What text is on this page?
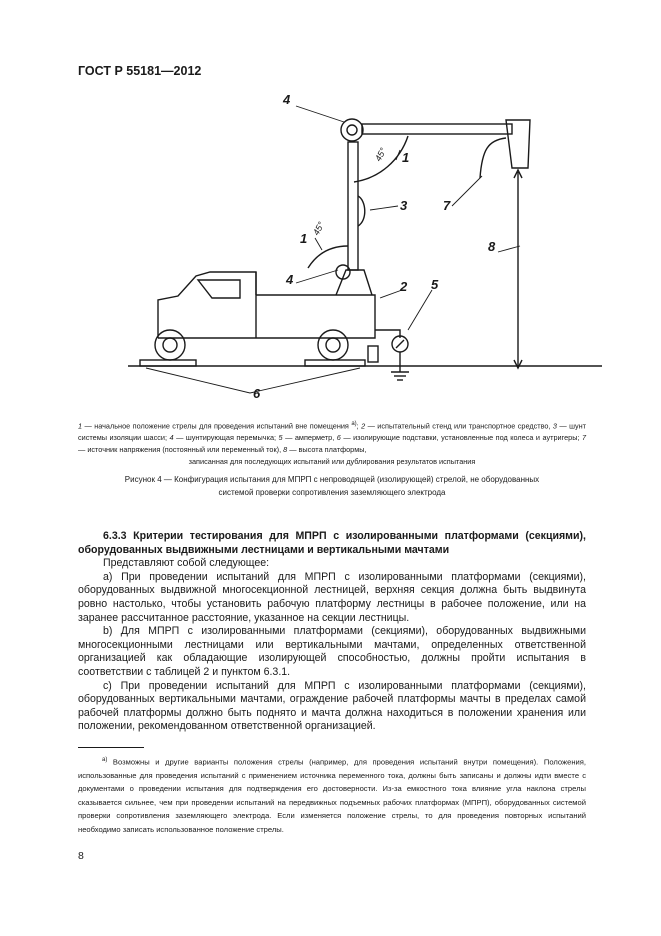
ГОСТ Р 55181—2012
4
4
1
1
3
2 5
7
8
6
45°
45°
1 — начальное положение стрелы для проведения испытаний вне помещения $^{а)}$; 2 — испытательный стенд или транспортное средство, 3 — шунт системы изоляции шасси; 4 — шунтирующая перемычка; 5 — амперметр, 6 — изолирующие подставки, установленные под колеса и аутригеры; 7 — источник напряжения (постоянный или переменный ток), 8 — высота платформы,
записанная для последующих испытаний или дублирования результатов испытания
Рисунок 4 — Конфигурация испытания для МПРП с непроводящей (изолирующей) стрелой, не оборудованных
системой проверки сопротивления заземляющего электрода

6.3.3 Критерии тестирования для МПРП с изолированными платформами (секциями), оборудованных выдвижными лестницами и вертикальными мачтами

Представляют собой следующее:

а) При проведении испытаний для МПРП с изолированными платформами (секциями), оборудованных выдвижной многосекционной лестницей, верхняя секция должна быть выдвинута ровно настолько, чтобы установить рабочую платформу лестницы в рабочее положение, или на заранее рассчитанное расстояние, указанное на секции лестницы.

b) Для МПРП с изолированными платформами (секциями), оборудованных выдвижными многосекционными лестницами или вертикальными мачтами, определенных ответственной организацией как обладающие изолирующей способностью, должны пройти испытания в соответствии с таблицей 2 и пунктом 6.3.1.

с) При проведении испытаний для МПРП с изолированными платформами (секциями), оборудованных вертикальными мачтами, ограждение рабочей платформы мачты в пределах самой рабочей платформы должно быть поднято и мачта должна находиться в положении хранения или положении, рекомендованном ответственной организацией.

$^{а)}$ Возможны и другие варианты положения стрелы (например, для проведения испытаний внутри помещения). Положения, использованные для проведения испытаний с применением источника переменного тока, должны быть записаны и должны идти вместе с документами о проведении испытания для подтверждения его достоверности. Из-за емкостного тока влияние угла наклона стрелы сказывается сильнее, чем при проведении испытаний на передвижных подъемных рабочих платформах (МПРП), оборудованных системой проверки сопротивления заземляющего электрода. Если изменяется положение стрелы, то для проведения повторных испытаний необходимо записать использованное положение стрелы.

8
